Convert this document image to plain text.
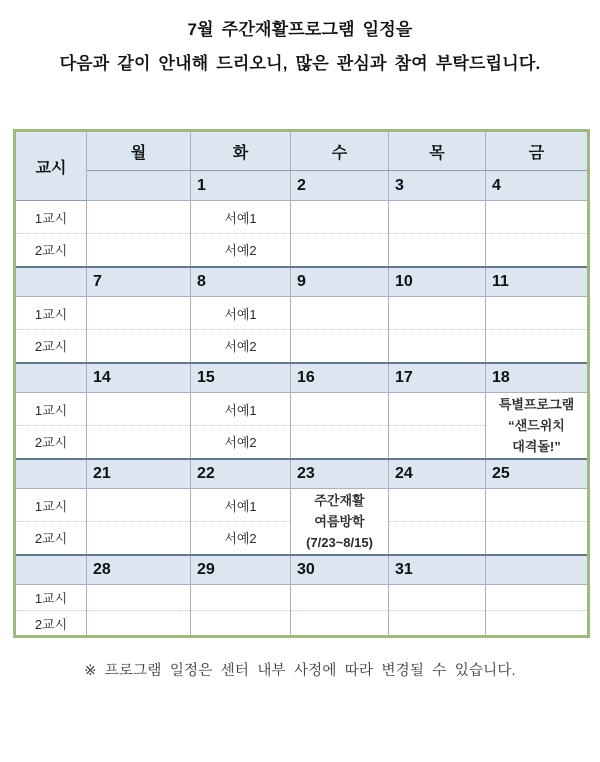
7월 주간재활프로그램 일정을
다음과 같이 안내해 드리오니, 많은 관심과 참여 부탁드립니다.
교시	월	화	수	목	금
		1	2	3	4
1교시		서예1			
2교시		서예2			
	7	8	9	10	11
1교시		서예1			
2교시		서예2			
	14	15	16	17	18
1교시		서예1			특별프로그램
“샌드위치
대격돌!”

2교시		서예2			
	21	22	23	24	25
1교시		서예1	주간재활
여름방학
(7/23~8/15)		

2교시		서예2			
	28	29	30	31	
1교시					
2교시					
※ 프로그램 일정은 센터 내부 사정에 따라 변경될 수 있습니다.
